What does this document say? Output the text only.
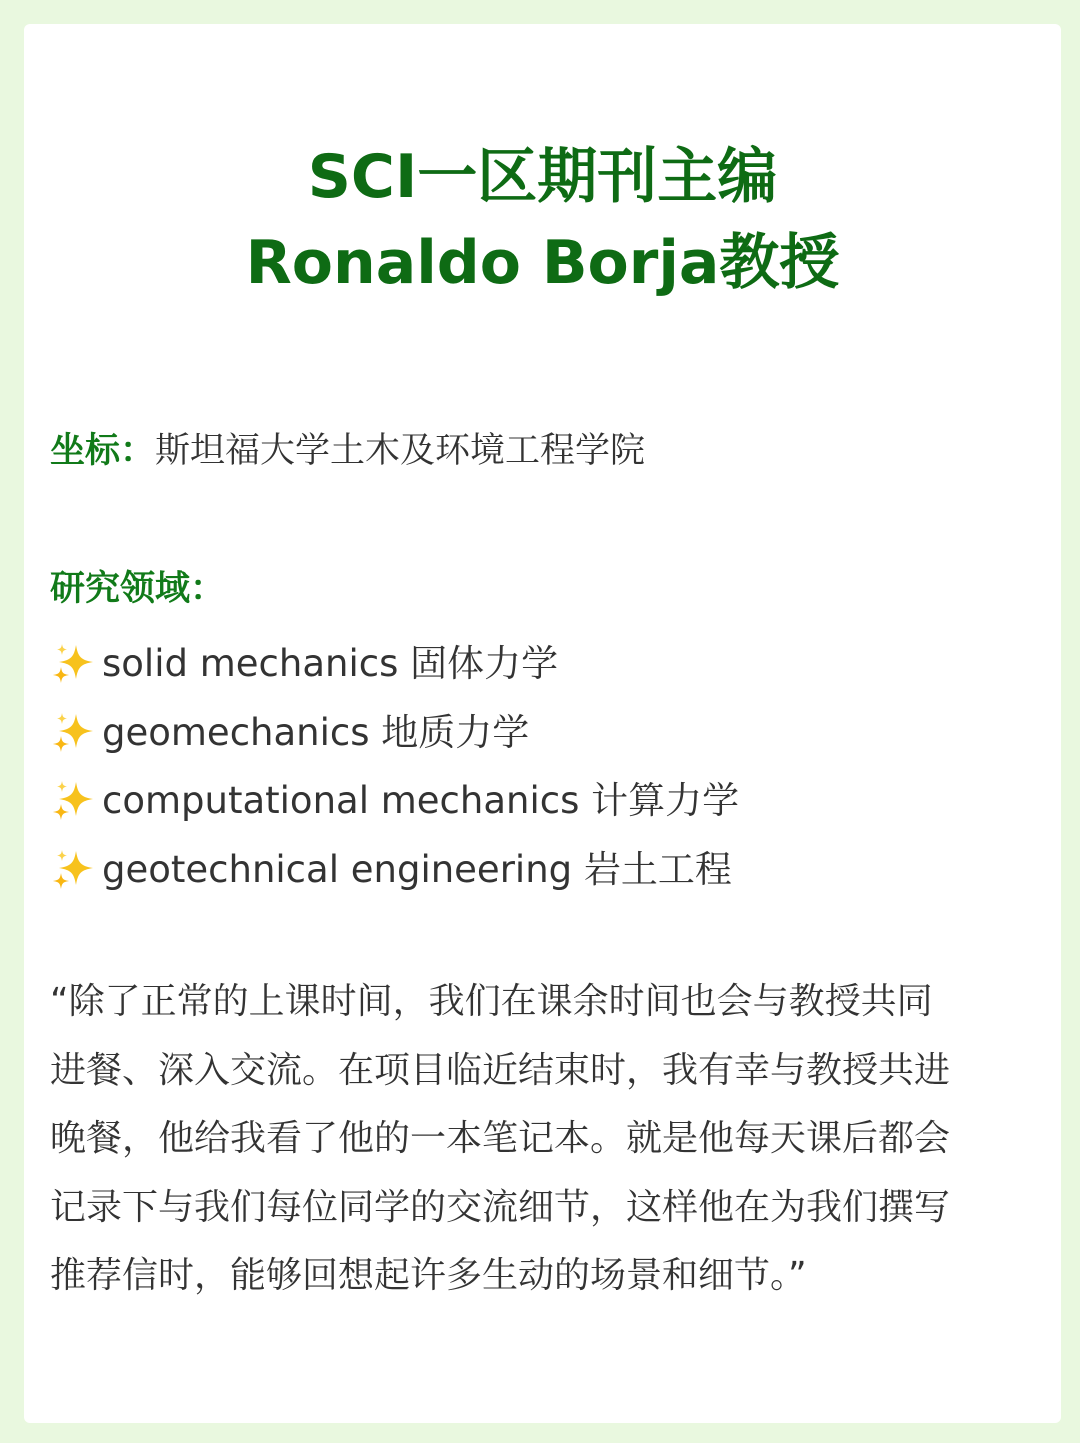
SCI一区期刊主编
Ronaldo Borja教授
坐标：斯坦福大学土木及环境工程学院
研究领域：
solid mechanics 固体力学
geomechanics 地质力学
computational mechanics 计算力学
geotechnical engineering 岩土工程
“除了正常的上课时间，我们在课余时间也会与教授共同
进餐、深入交流。在项目临近结束时，我有幸与教授共进
晚餐，他给我看了他的一本笔记本。就是他每天课后都会
记录下与我们每位同学的交流细节，这样他在为我们撰写
推荐信时，能够回想起许多生动的场景和细节。”
